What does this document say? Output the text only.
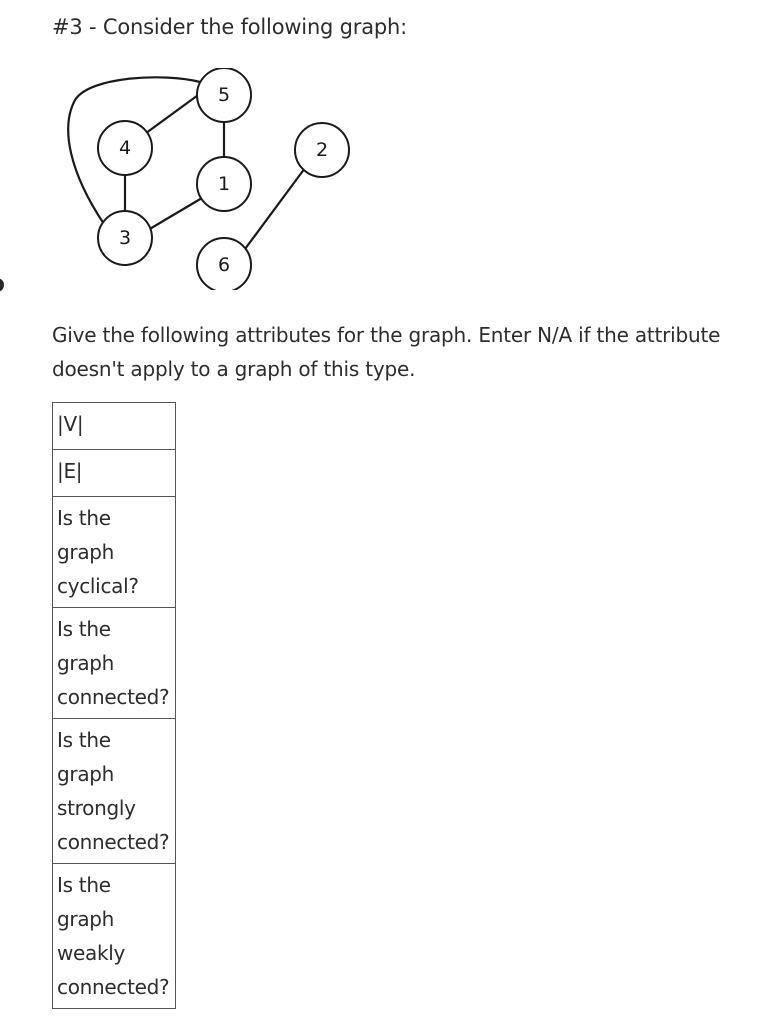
#3 - Consider the following graph:
5
4	2
1
3
6

Give the following attributes for the graph. Enter N/A if the attribute doesn't apply to a graph of this type.

|V|
|E|
Is the graph cyclical?
Is the graph connected?
Is the graph strongly connected?
Is the graph weakly connected?
